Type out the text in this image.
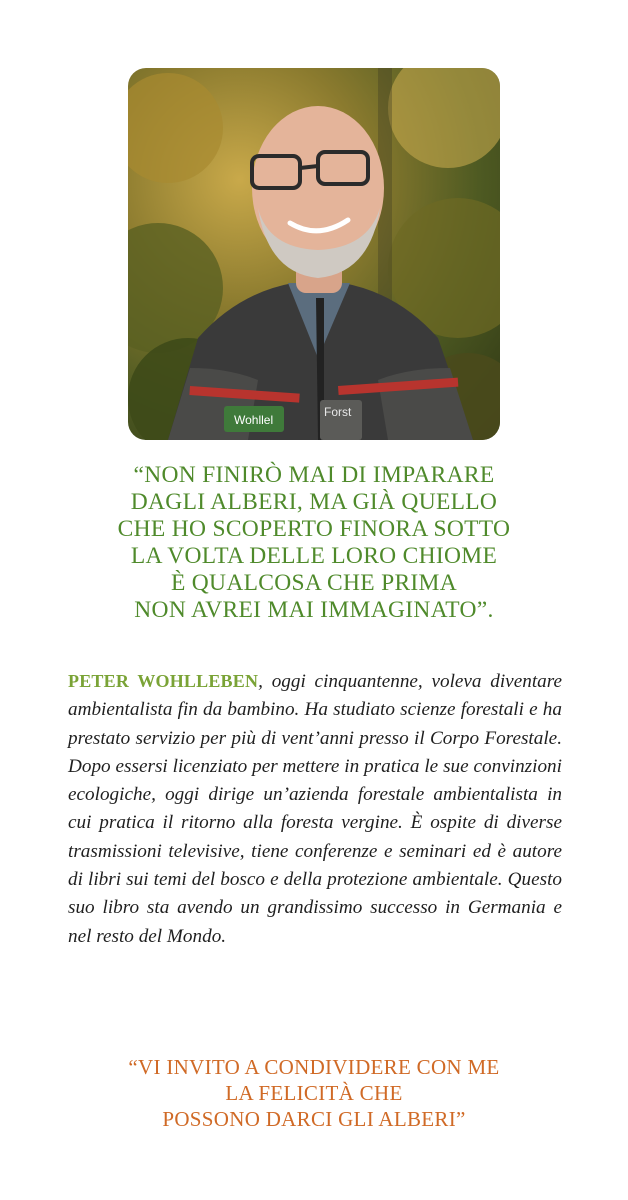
Wohllel
Forst

“NON FINIRÒ MAI DI IMPARARE
DAGLI ALBERI, MA GIÀ QUELLO
CHE HO SCOPERTO FINORA SOTTO
LA VOLTA DELLE LORO CHIOME
È QUALCOSA CHE PRIMA
NON AVREI MAI IMMAGINATO”.

PETER WOHLLEBEN, oggi cinquantenne, voleva diventare ambientalista fin da bambino. Ha studiato scienze forestali e ha prestato servizio per più di vent’anni presso il Corpo Forestale. Dopo essersi licenziato per mettere in pratica le sue convinzioni ecologiche, oggi dirige un’azienda forestale ambientalista in cui pratica il ritorno alla foresta vergine. È ospite di diverse trasmissioni televisive, tiene conferenze e seminari ed è autore di libri sui temi del bosco e della protezione ambientale. Questo suo libro sta avendo un grandissimo successo in Germania e nel resto del Mondo.

“VI INVITO A CONDIVIDERE CON ME
LA FELICITÀ CHE
POSSONO DARCI GLI ALBERI”
